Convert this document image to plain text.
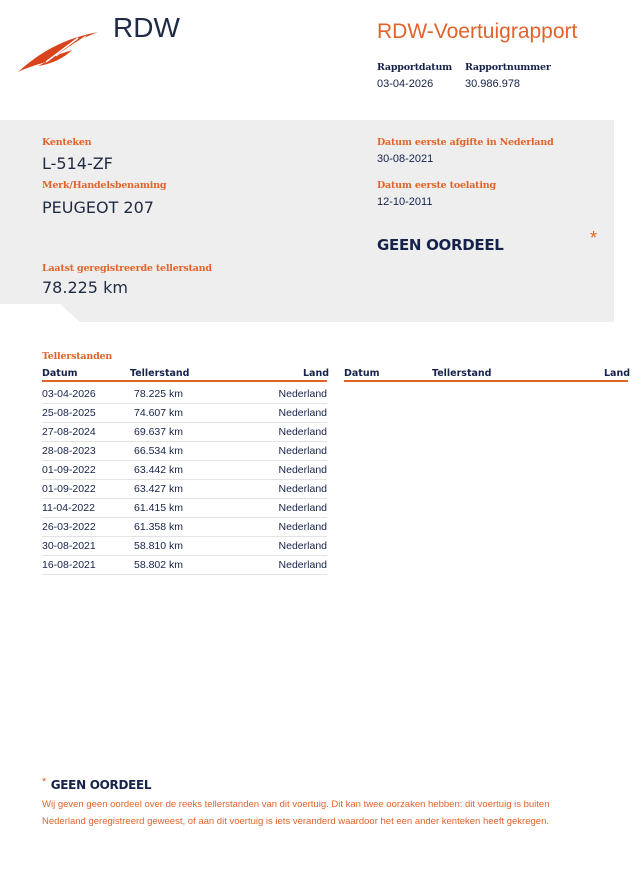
RDW	RDW-Voertuigrapport
Rapportdatum
03-04-2026
Rapportnummer
30.986.978
Kenteken
L-514-ZF
Merk/Handelsbenaming
PEUGEOT 207
Laatst geregistreerde tellerstand
78.225 km
Datum eerste afgifte in Nederland
30-08-2021
Datum eerste toelating
12-10-2011
GEEN OORDEEL	*
Tellerstanden
Datum	Tellerstand	Land Datum	Tellerstand	Land
03-04-2026	78.225 km	Nederland
25-08-2025	74.607 km	Nederland
27-08-2024	69.637 km	Nederland
28-08-2023	66.534 km	Nederland
01-09-2022	63.442 km	Nederland
01-09-2022	63.427 km	Nederland
11-04-2022	61.415 km	Nederland
26-03-2022	61.358 km	Nederland
30-08-2021	58.810 km	Nederland
16-08-2021	58.802 km	Nederland
* GEEN OORDEEL
Wij geven geen oordeel over de reeks tellerstanden van dit voertuig. Dit kan twee oorzaken hebben: dit voertuig is buiten Nederland geregistreerd geweest, of aan dit voertuig is iets veranderd waardoor het een ander kenteken heeft gekregen.
